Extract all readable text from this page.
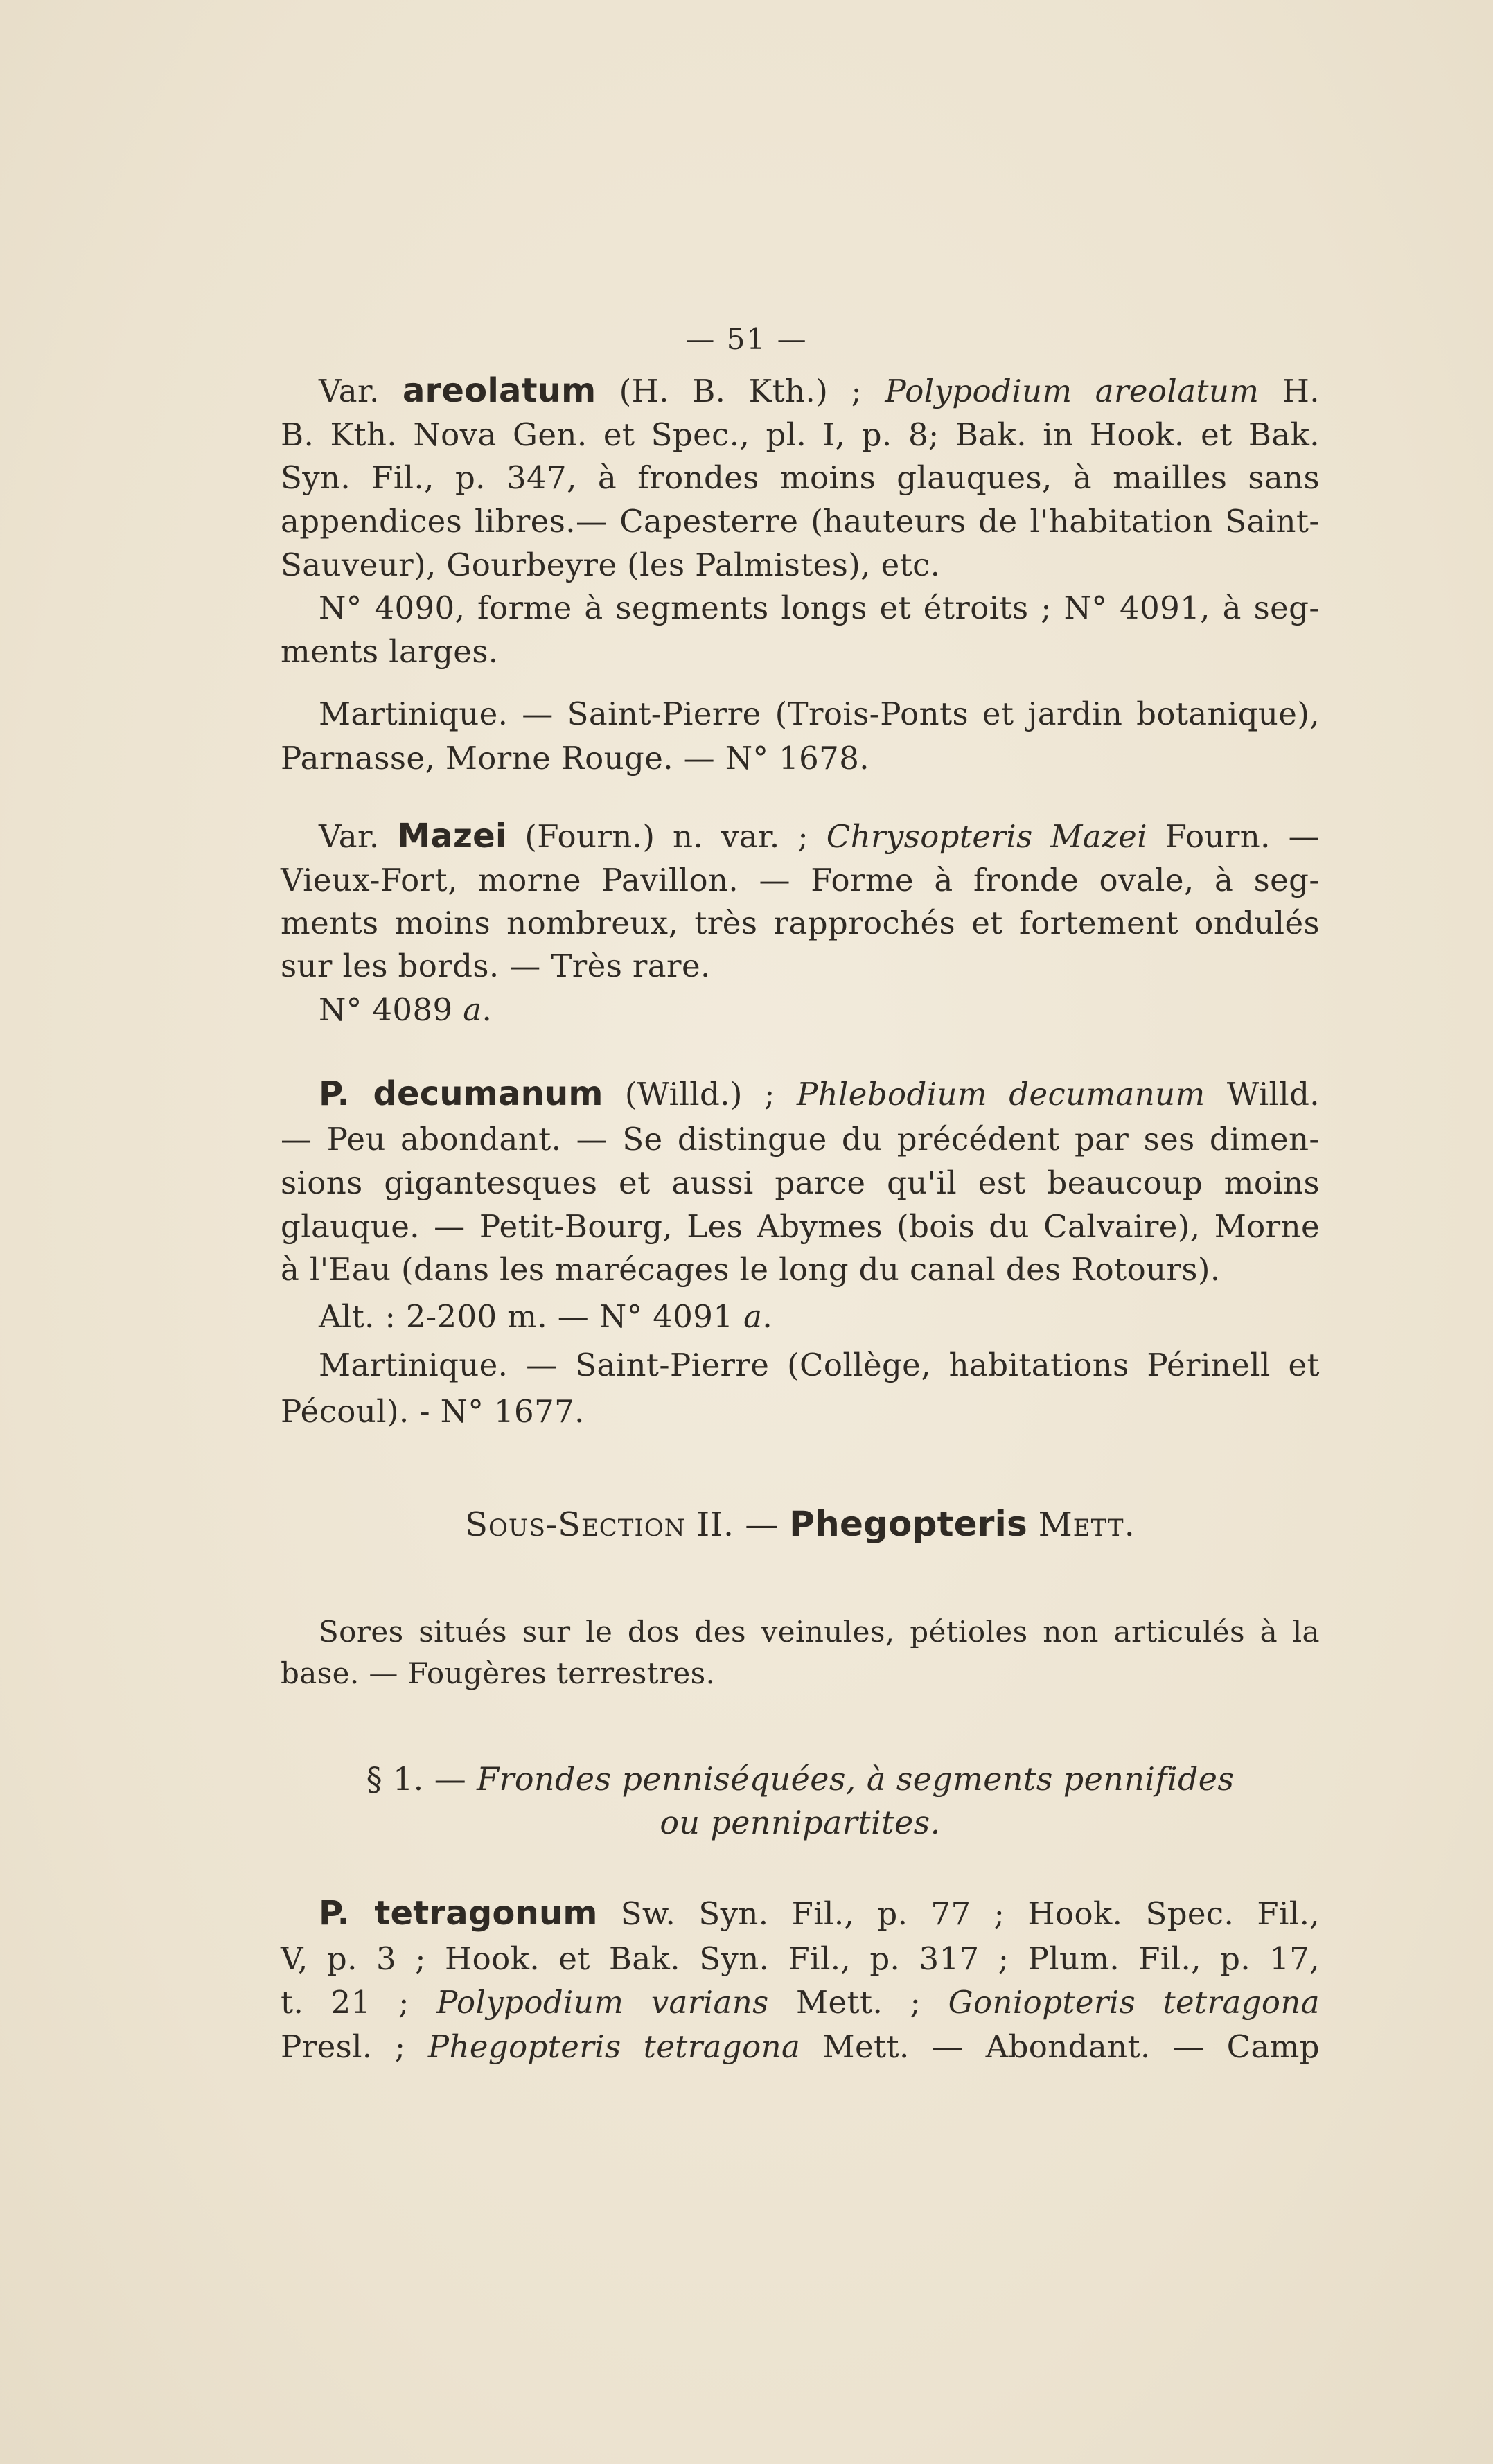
— 51 —
Var. areolatum (H. B. Kth.) ; Polypodium areolatum H.
B. Kth. Nova Gen. et Spec., pl. I, p. 8; Bak. in Hook. et Bak.
Syn. Fil., p. 347, à frondes moins glauques, à mailles sans
appendices libres.— Capesterre (hauteurs de l'habitation Saint-
Sauveur), Gourbeyre (les Palmistes), etc.
N° 4090, forme à segments longs et étroits ; N° 4091, à seg-
ments larges.
Martinique. — Saint-Pierre (Trois-Ponts et jardin botanique),
Parnasse, Morne Rouge. — N° 1678.
Var. Mazei (Fourn.) n. var. ; Chrysopteris Mazei Fourn. —
Vieux-Fort, morne Pavillon. — Forme à fronde ovale, à seg-
ments moins nombreux, très rapprochés et fortement ondulés
sur les bords. — Très rare.
N° 4089 a.
P. decumanum (Willd.) ; Phlebodium decumanum Willd.
— Peu abondant. — Se distingue du précédent par ses dimen-
sions gigantesques et aussi parce qu'il est beaucoup moins
glauque. — Petit-Bourg, Les Abymes (bois du Calvaire), Morne
à l'Eau (dans les marécages le long du canal des Rotours).
Alt. : 2-200 m. — N° 4091 a.
Martinique. — Saint-Pierre (Collège, habitations Périnell et
Pécoul). - N° 1677.
Sous-Section II. — Phegopteris Mett.
Sores situés sur le dos des veinules, pétioles non articulés à la
base. — Fougères terrestres.
§ 1. — Frondes penniséquées, à segments pennifides
ou pennipartites.
P. tetragonum Sw. Syn. Fil., p. 77 ; Hook. Spec. Fil.,
V, p. 3 ; Hook. et Bak. Syn. Fil., p. 317 ; Plum. Fil., p. 17,
t. 21 ; Polypodium varians Mett. ; Goniopteris tetragona
Presl. ; Phegopteris tetragona Mett. — Abondant. — Camp
